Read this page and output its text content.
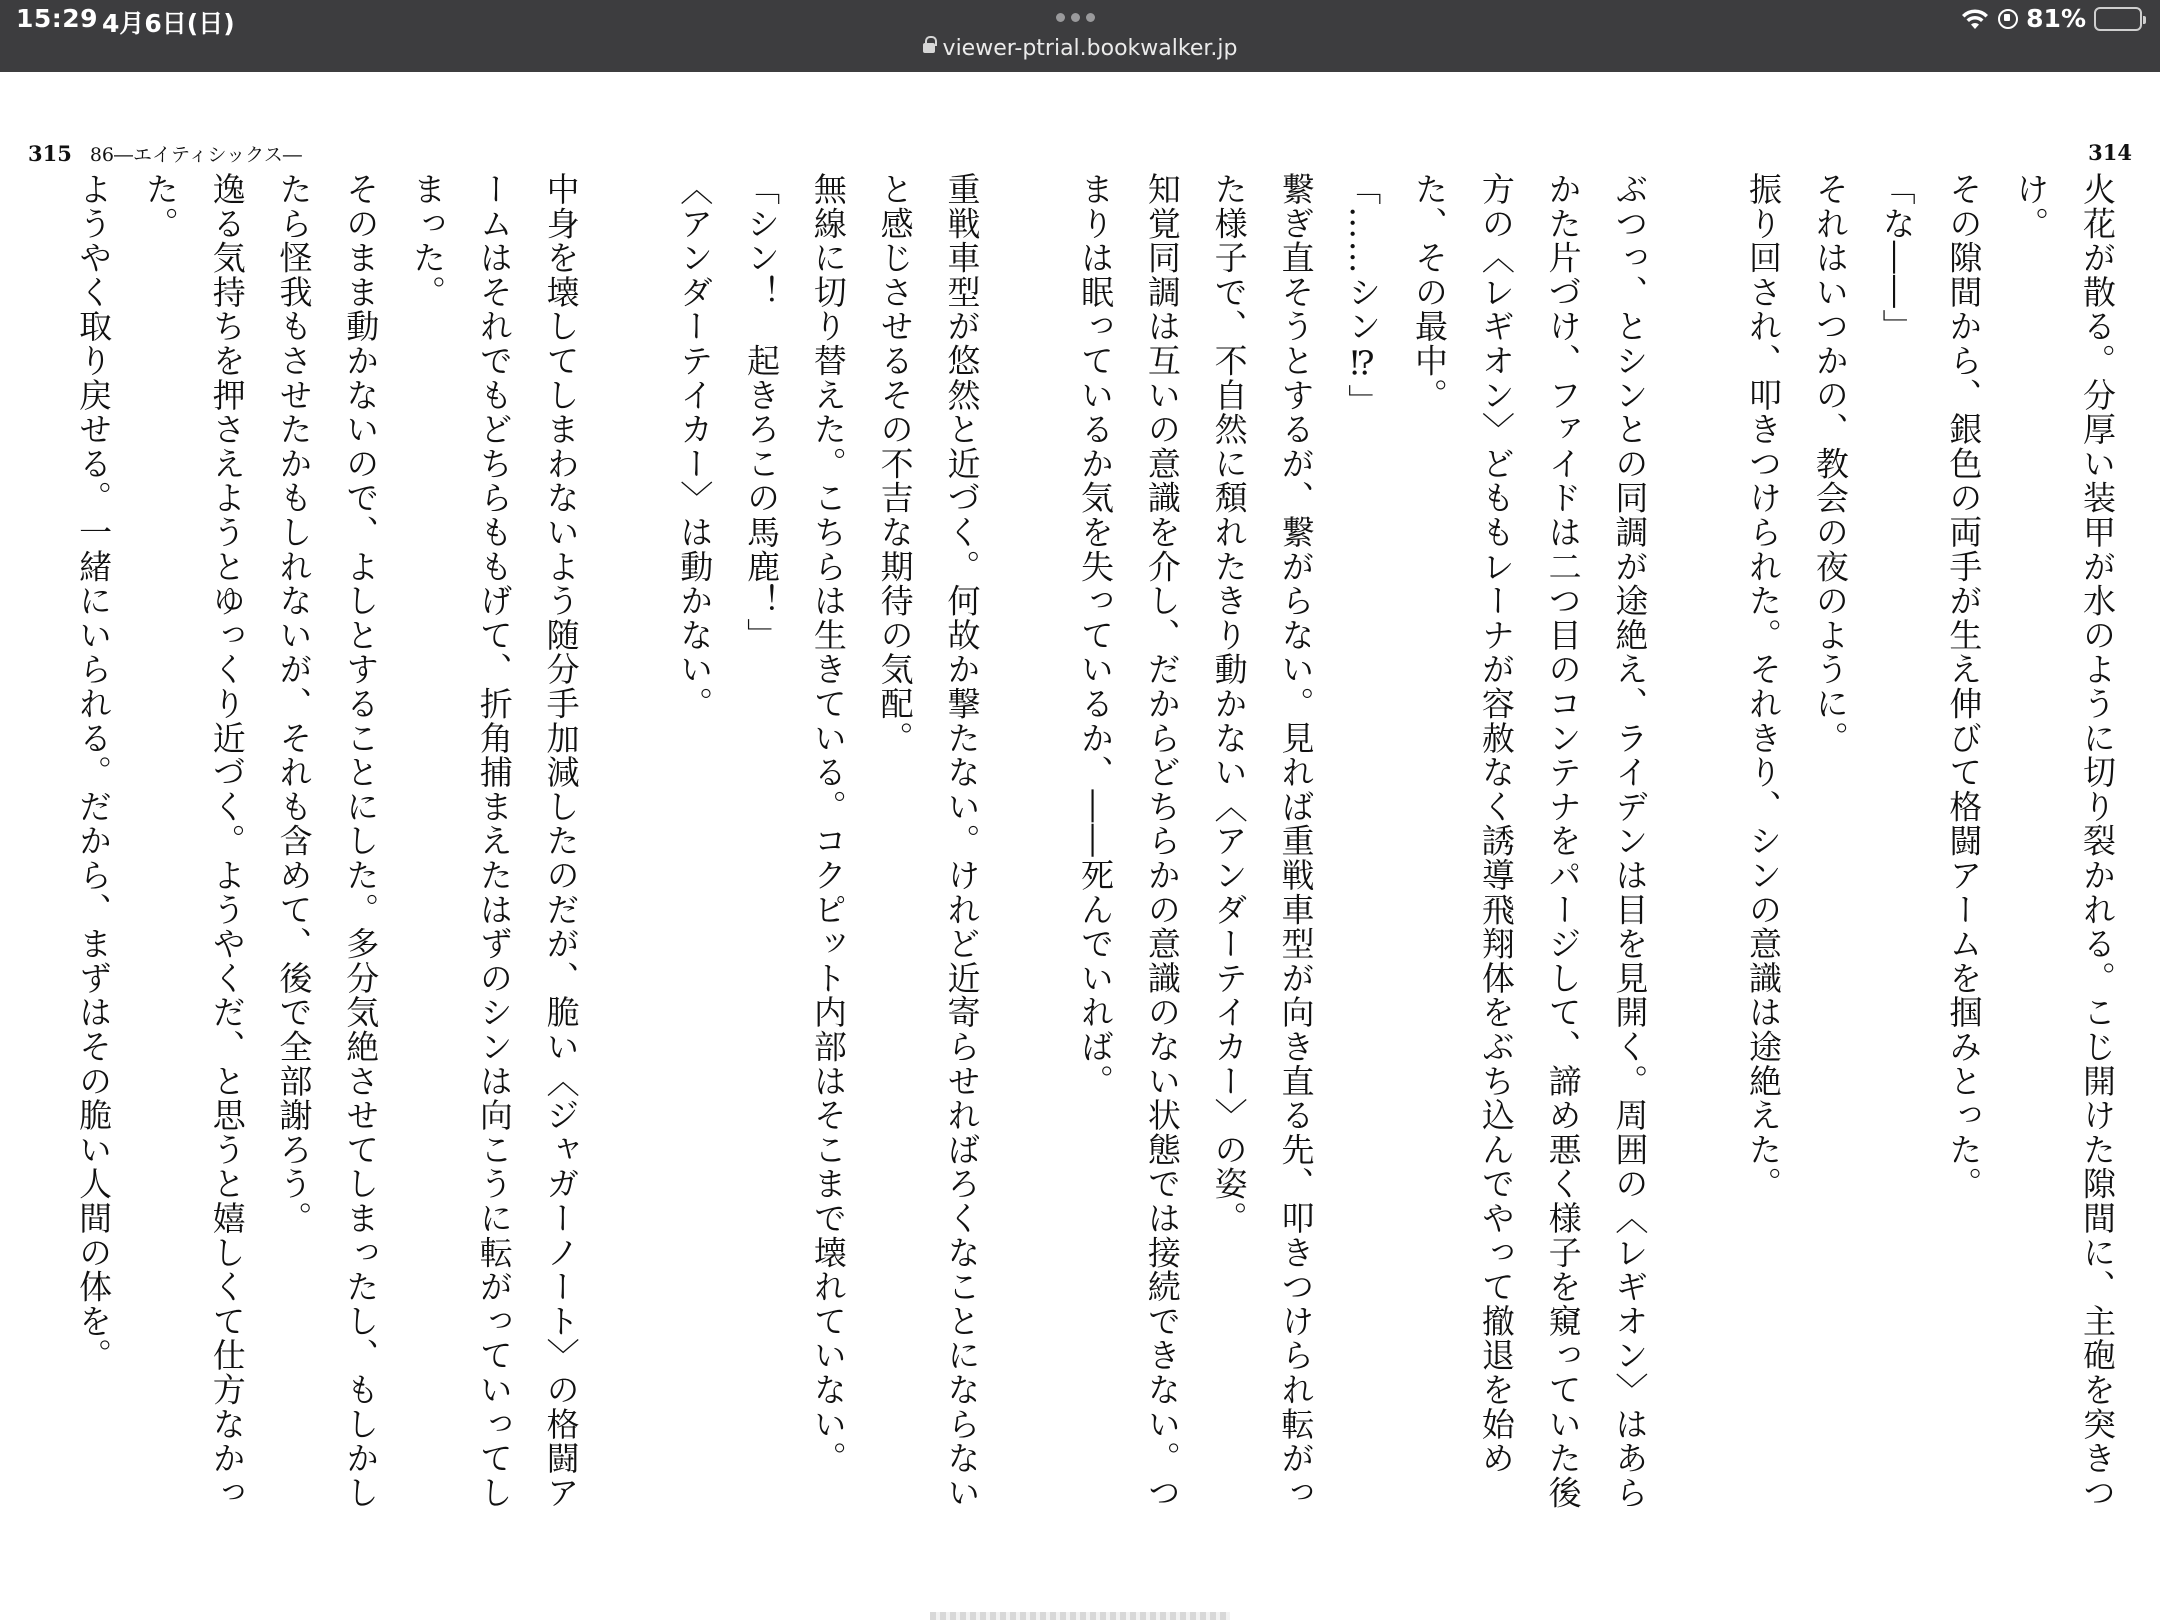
15:29 4月6日(日)
viewer-ptrial.bookwalker.jp
81%
315 86―エイティシックス―	314

火花が散る。分厚い装甲が水のように切り裂かれる。こじ開けた隙間に、主砲を突きつけ。

その隙間から、銀色の両手が生え伸びて格闘アームを掴みとった。

「な――」

それはいつかの、教会の夜のように。

振り回され、叩きつけられた。それきり、シンの意識は途絶えた。

ぶつっ、とシンとの同調が途絶え、ライデンは目を見開く。周囲の〈レギオン〉はあらかた片づけ、ファイドは二つ目のコンテナをパージして、諦め悪く様子を窺っていた後方の〈レギオン〉どももレーナが容赦なく誘導飛翔体をぶち込んでやって撤退を始めた、その最中。

「……シン⁉」

繋ぎ直そうとするが、繋がらない。見れば重戦車型が向き直る先、叩きつけられ転がった様子で、不自然に頽れたきり動かない〈アンダーテイカー〉の姿。

知覚同調は互いの意識を介し、だからどちらかの意識のない状態では接続できない。つまりは眠っているか気を失っているか、――死んでいれば。

重戦車型が悠然と近づく。何故か撃たない。けれど近寄らせればろくなことにならないと感じさせるその不吉な期待の気配。

無線に切り替えた。こちらは生きている。コクピット内部はそこまで壊れていない。

「シン！　起きろこの馬鹿！」

〈アンダーテイカー〉は動かない。

中身を壊してしまわないよう随分手加減したのだが、脆い〈ジャガーノート〉の格闘アームはそれでもどちらももげて、折角捕まえたはずのシンは向こうに転がっていってしまった。

そのまま動かないので、よしとすることにした。多分気絶させてしまったし、もしかしたら怪我もさせたかもしれないが、それも含めて、後で全部謝ろう。

逸る気持ちを押さえようとゆっくり近づく。ようやくだ、と思うと嬉しくて仕方なかった。

ようやく取り戻せる。一緒にいられる。だから、まずはその脆い人間の体を。
